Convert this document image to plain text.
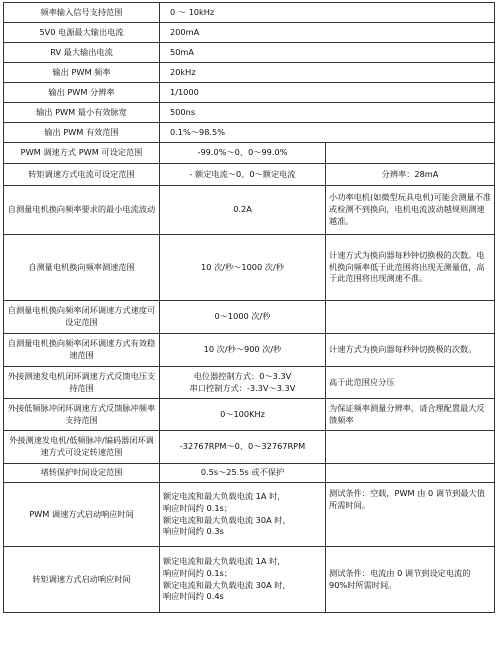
频率输入信号支持范围	0 ～ 10kHz	
5V0 电源最大输出电流	200mA	
RV 最大输出电流	50mA	
输出 PWM 频率	20kHz	
输出 PWM 分辨率	1/1000	
输出 PWM 最小有效脉宽	500ns	
输出 PWM 有效范围	0.1%～98.5%	
PWM 调速方式 PWM 可设定范围	-99.0%～0、0～99.0%	
转矩调速方式电流可设定范围	- 额定电流～0、0～额定电流	分辨率：28mA
自测量电机换向频率要求的最小电流波动	0.2A	小功率电机(如微型玩具电机)可能会测量不准或检测不到换向，电机电流波动越规则测速越准。
自测量电机换向频率测速范围	10 次/秒～1000 次/秒	计速方式为换向器每秒钟切换极的次数。电机换向频率低于此范围将出现无测量值，高于此范围将出现测速不准。
自测量电机换向频率闭环调速方式速度可设定范围	0～1000 次/秒	
自测量电机换向频率闭环调速方式有效稳速范围	10 次/秒～900 次/秒	计速方式为换向器每秒钟切换极的次数。
外接测速发电机闭环调速方式反馈电压支持范围	电位器控制方式：0～3.3V
串口控制方式：-3.3V～3.3V	高于此范围应分压
外接低频脉冲闭环调速方式反馈脉冲频率支持范围	0～100KHz	为保证频率测量分辨率，请合理配置最大反馈频率
外接测速发电机/低频脉冲/编码器闭环调速方式可设定转速范围	-32767RPM～0、0～32767RPM	
堵转保护时间设定范围	0.5s～25.5s 或不保护	
PWM 调速方式启动响应时间	额定电流和最大负载电流 1A 时，
响应时间约 0.1s；
额定电流和最大负载电流 30A 时，
响应时间约 0.3s	测试条件：空载，PWM 由 0 调节到最大值所需时间。
转矩调速方式启动响应时间	额定电流和最大负载电流 1A 时，
响应时间约 0.1s；
额定电流和最大负载电流 30A 时，
响应时间约 0.4s	测试条件：电流由 0 调节到设定电流的 90%时所需时间。
